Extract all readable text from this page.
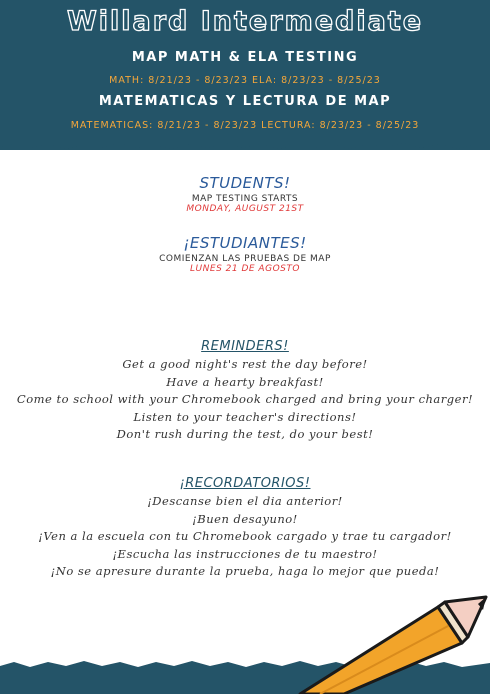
Willard Intermediate
MAP MATH & ELA TESTING
MATH: 8/21/23 - 8/23/23 ELA: 8/23/23 - 8/25/23
MATEMATICAS Y LECTURA DE MAP
MATEMATICAS: 8/21/23 - 8/23/23 LECTURA: 8/23/23 - 8/25/23
STUDENTS!
MAP TESTING STARTS
MONDAY, AUGUST 21ST
¡ESTUDIANTES!
COMIENZAN LAS PRUEBAS DE MAP
LUNES 21 DE AGOSTO
REMINDERS!
Get a good night's rest the day before!
Have a hearty breakfast!
Come to school with your Chromebook charged and bring your charger!
Listen to your teacher's directions!
Don't rush during the test, do your best!
¡RECORDATORIOS!
¡Descanse bien el dia anterior!
¡Buen desayuno!
¡Ven a la escuela con tu Chromebook cargado y trae tu cargador!
¡Escucha las instrucciones de tu maestro!
¡No se apresure durante la prueba, haga lo mejor que pueda!
